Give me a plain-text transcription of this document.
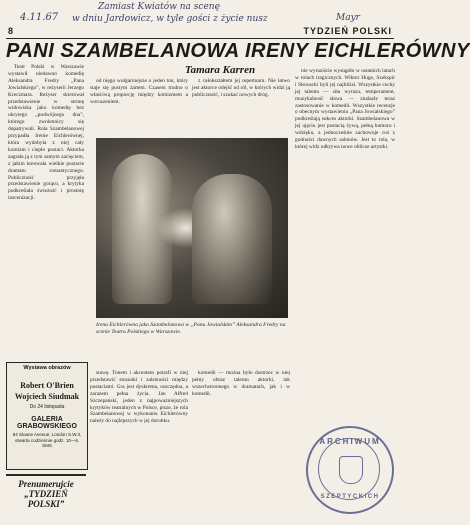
Zamiast Kwiatów na scenę
4.11.67 w dniu Jardowicz, w tyle gości z życie nusz	Mayr
8	TYDZIEŃ POLSKI
PANI SZAMBELANOWA IRENY EICHLERÓWNY
Tamara Karren

Teatr Polski w Warszawie wystawił niedawno komedię Aleksandra Fredry „Pana Jowialskiego”, w reżyserii Jerzego Kreczmara. Reżyser skierował przedstawienie w stronę widowiska jako komedię bez ukrytego „podwójnego dna”, którego zwolennicy się dopatrywali. Rola Szambelanowej przypadła Irenie Eichlerównej, która wydobyła z niej cały komizm i ciepło postaci. Aktorka zagrała ją z tym samym zacięciem, z jakim kreowała wielkie postacie dramatu romantycznego. Publiczność przyjęła przedstawienie gorąco, a krytyka podkreślała świeżość i prostotę inscenizacji.

od nięgo wulgarniejsze o jeden ton, który staje się pustym żartem. Czasem trudno o właściwą proporcję między komizmem a wzruszeniem.

z całokształtem jej repertuaru. Nie łatwo jest aktorce odejść od ról, w których widzi ją publiczność, i szukać nowych dróg.

nie wyraziście wystąpiło w ostatnich latach w rolach tragicznych. Wiktor Hugo, Szekspir i Słowacki byli jej najbliżsi. Wszystkie cechy jej talentu — siła wyrazu, temperament, muzykalność słowa — znalazły teraz zastosowanie w komedii. Wszystkie recenzje o obecnym wystawieniu „Pana Jowialskiego” podkreślają sukces aktorki. Szambelanowa w jej ujęciu jest postacią żywą, pełną humoru i wdzięku, a jednocześnie zachowuje coś z godności dawnych salonów. Jest to rola, w której widz odkrywa nowe oblicze artystki.

Irena Eichlerówna jako Szambelanowa w „Panu Jowialskim” Aleksandra Fredry na scenie Teatru Polskiego w Warszawie.

stawę. Tonem i akcentem potrafi w niej przedstawić stosunki i zależności między postaciami. Gra jest dyskretna, oszczędna, a zarazem pełna życia. Jan Alfred Szczepański, jeden z najpoważniejszych krytyków teatralnych w Polsce, pisze, że rola Szambelanowej w wykonaniu Eichlerówny należy do najlepszych w jej dorobku.

komedii — można było dostrzec w niej pełny obraz talentu aktorki, tak wszechstronnego w dramatach, jak i w komedii.

Wystawa obrazów
Robert O'Brien
Wojciech Siudmak
Do 24 listopada
GALERIA GRABOWSKIEGO
84 Sloane Avenue, London S.W.3, otwarta codziennie godz. 10—6. SMS
Prenumerujcie
„TYDZIEŃ POLSKI”
ARCHIWUM
SZEPTYCKICH
